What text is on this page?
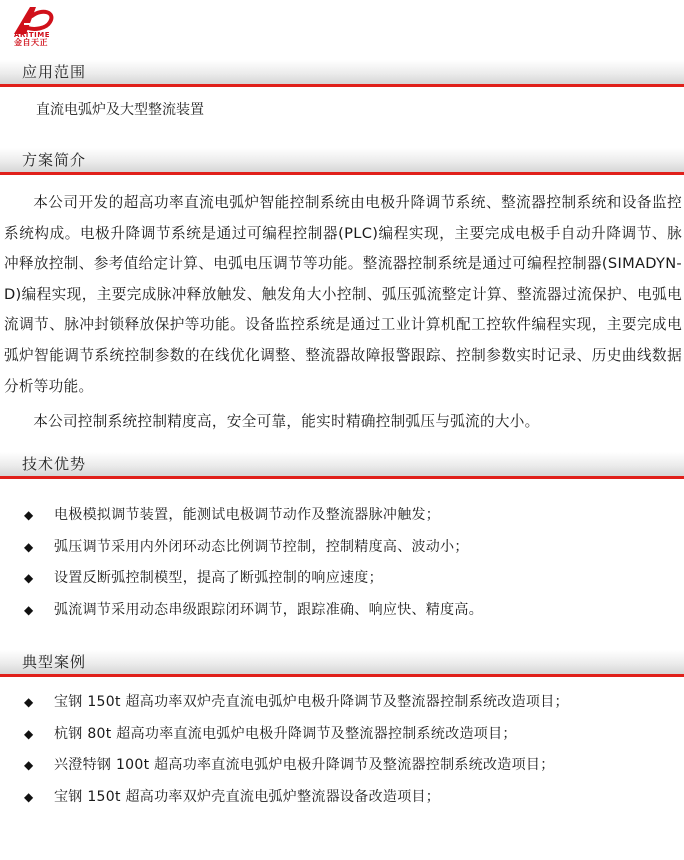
ARITIME
金自天正
应用范围
直流电弧炉及大型整流装置
方案简介

本公司开发的超高功率直流电弧炉智能控制系统由电极升降调节系统、整流器控制系统和设备监控系统构成。电极升降调节系统是通过可编程控制器(PLC)编程实现，主要完成电极手自动升降调节、脉冲释放控制、参考值给定计算、电弧电压调节等功能。整流器控制系统是通过可编程控制器(SIMADYN-D)编程实现，主要完成脉冲释放触发、触发角大小控制、弧压弧流整定计算、整流器过流保护、电弧电流调节、脉冲封锁释放保护等功能。设备监控系统是通过工业计算机配工控软件编程实现，主要完成电弧炉智能调节系统控制参数的在线优化调整、整流器故障报警跟踪、控制参数实时记录、历史曲线数据分析等功能。

本公司控制系统控制精度高，安全可靠，能实时精确控制弧压与弧流的大小。

技术优势
◆ 电极模拟调节装置，能测试电极调节动作及整流器脉冲触发；
◆ 弧压调节采用内外闭环动态比例调节控制，控制精度高、波动小；
◆ 设置反断弧控制模型，提高了断弧控制的响应速度；
◆ 弧流调节采用动态串级跟踪闭环调节，跟踪准确、响应快、精度高。
典型案例
◆ 宝钢 150t 超高功率双炉壳直流电弧炉电极升降调节及整流器控制系统改造项目；
◆ 杭钢 80t 超高功率直流电弧炉电极升降调节及整流器控制系统改造项目；
◆ 兴澄特钢 100t 超高功率直流电弧炉电极升降调节及整流器控制系统改造项目；
◆ 宝钢 150t 超高功率双炉壳直流电弧炉整流器设备改造项目；
